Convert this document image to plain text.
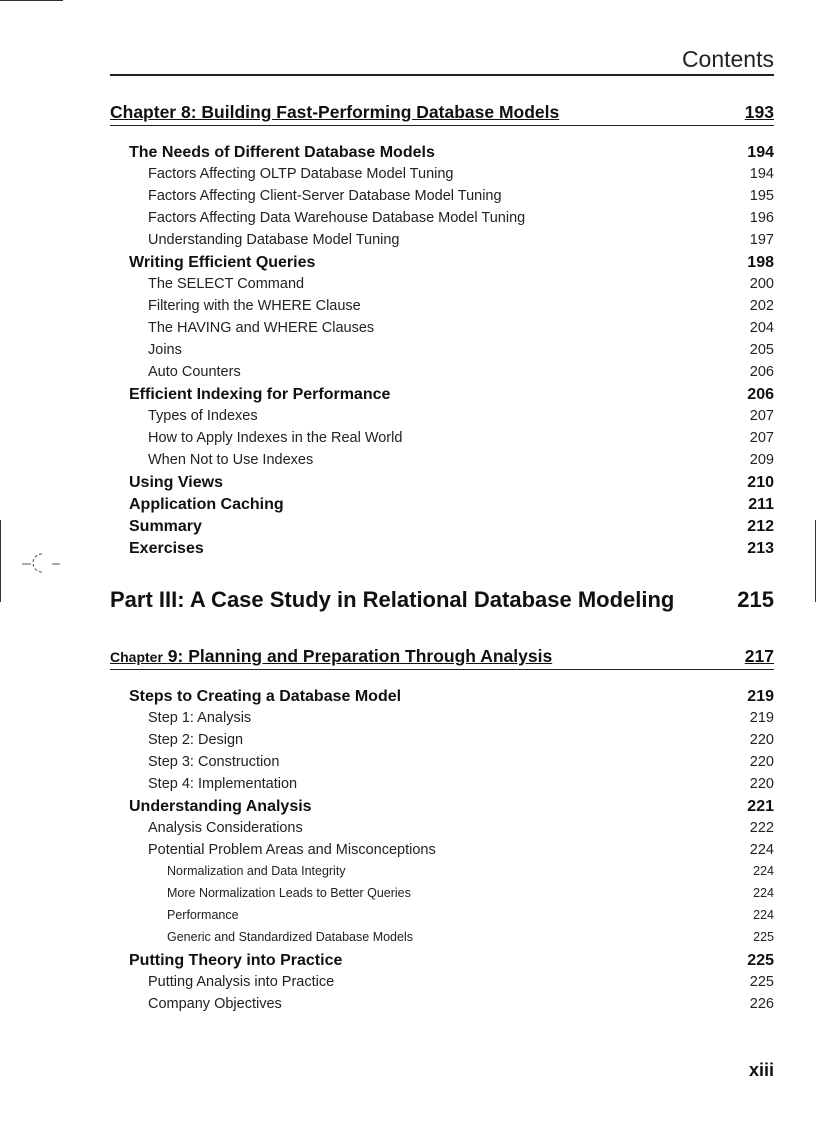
Contents
Chapter 8: Building Fast-Performing Database Models	193
The Needs of Different Database Models	194
Factors Affecting OLTP Database Model Tuning	194
Factors Affecting Client-Server Database Model Tuning	195
Factors Affecting Data Warehouse Database Model Tuning	196
Understanding Database Model Tuning	197
Writing Efficient Queries	198
The SELECT Command	200
Filtering with the WHERE Clause	202
The HAVING and WHERE Clauses	204
Joins	205
Auto Counters	206
Efficient Indexing for Performance	206
Types of Indexes	207
How to Apply Indexes in the Real World	207
When Not to Use Indexes	209
Using Views	210
Application Caching	211
Summary	212
Exercises	213
Part III: A Case Study in Relational Database Modeling	215
Chapter 9: Planning and Preparation Through Analysis	217
Steps to Creating a Database Model	219
Step 1: Analysis	219
Step 2: Design	220
Step 3: Construction	220
Step 4: Implementation	220
Understanding Analysis	221
Analysis Considerations	222
Potential Problem Areas and Misconceptions	224
Normalization and Data Integrity	224
More Normalization Leads to Better Queries	224
Performance	224
Generic and Standardized Database Models	225
Putting Theory into Practice	225
Putting Analysis into Practice	225
Company Objectives	226
xiii
